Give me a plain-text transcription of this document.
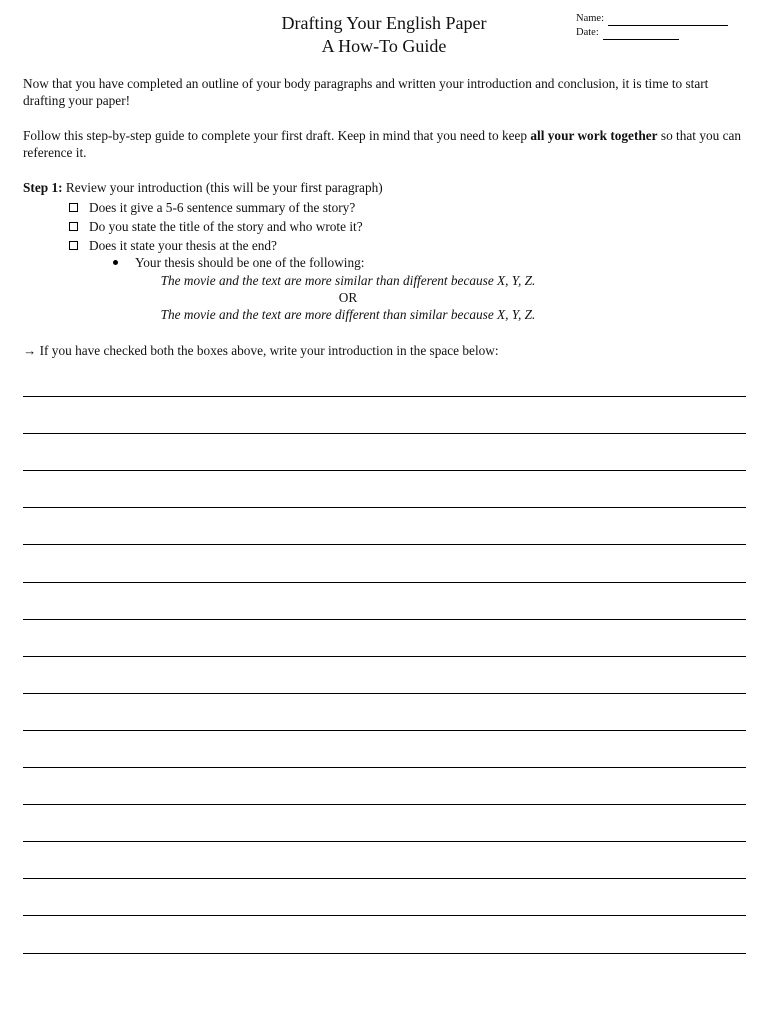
Drafting Your English Paper
A How-To Guide
Name:
Date:
Now that you have completed an outline of your body paragraphs and written your introduction and conclusion, it is time to start drafting your paper!
Follow this step-by-step guide to complete your first draft. Keep in mind that you need to keep all your work together so that you can reference it.
Step 1: Review your introduction (this will be your first paragraph)
Does it give a 5-6 sentence summary of the story?
Do you state the title of the story and who wrote it?
Does it state your thesis at the end?
Your thesis should be one of the following:
The movie and the text are more similar than different because X, Y, Z.
OR
The movie and the text are more different than similar because X, Y, Z.
→ If you have checked both the boxes above, write your introduction in the space below:
